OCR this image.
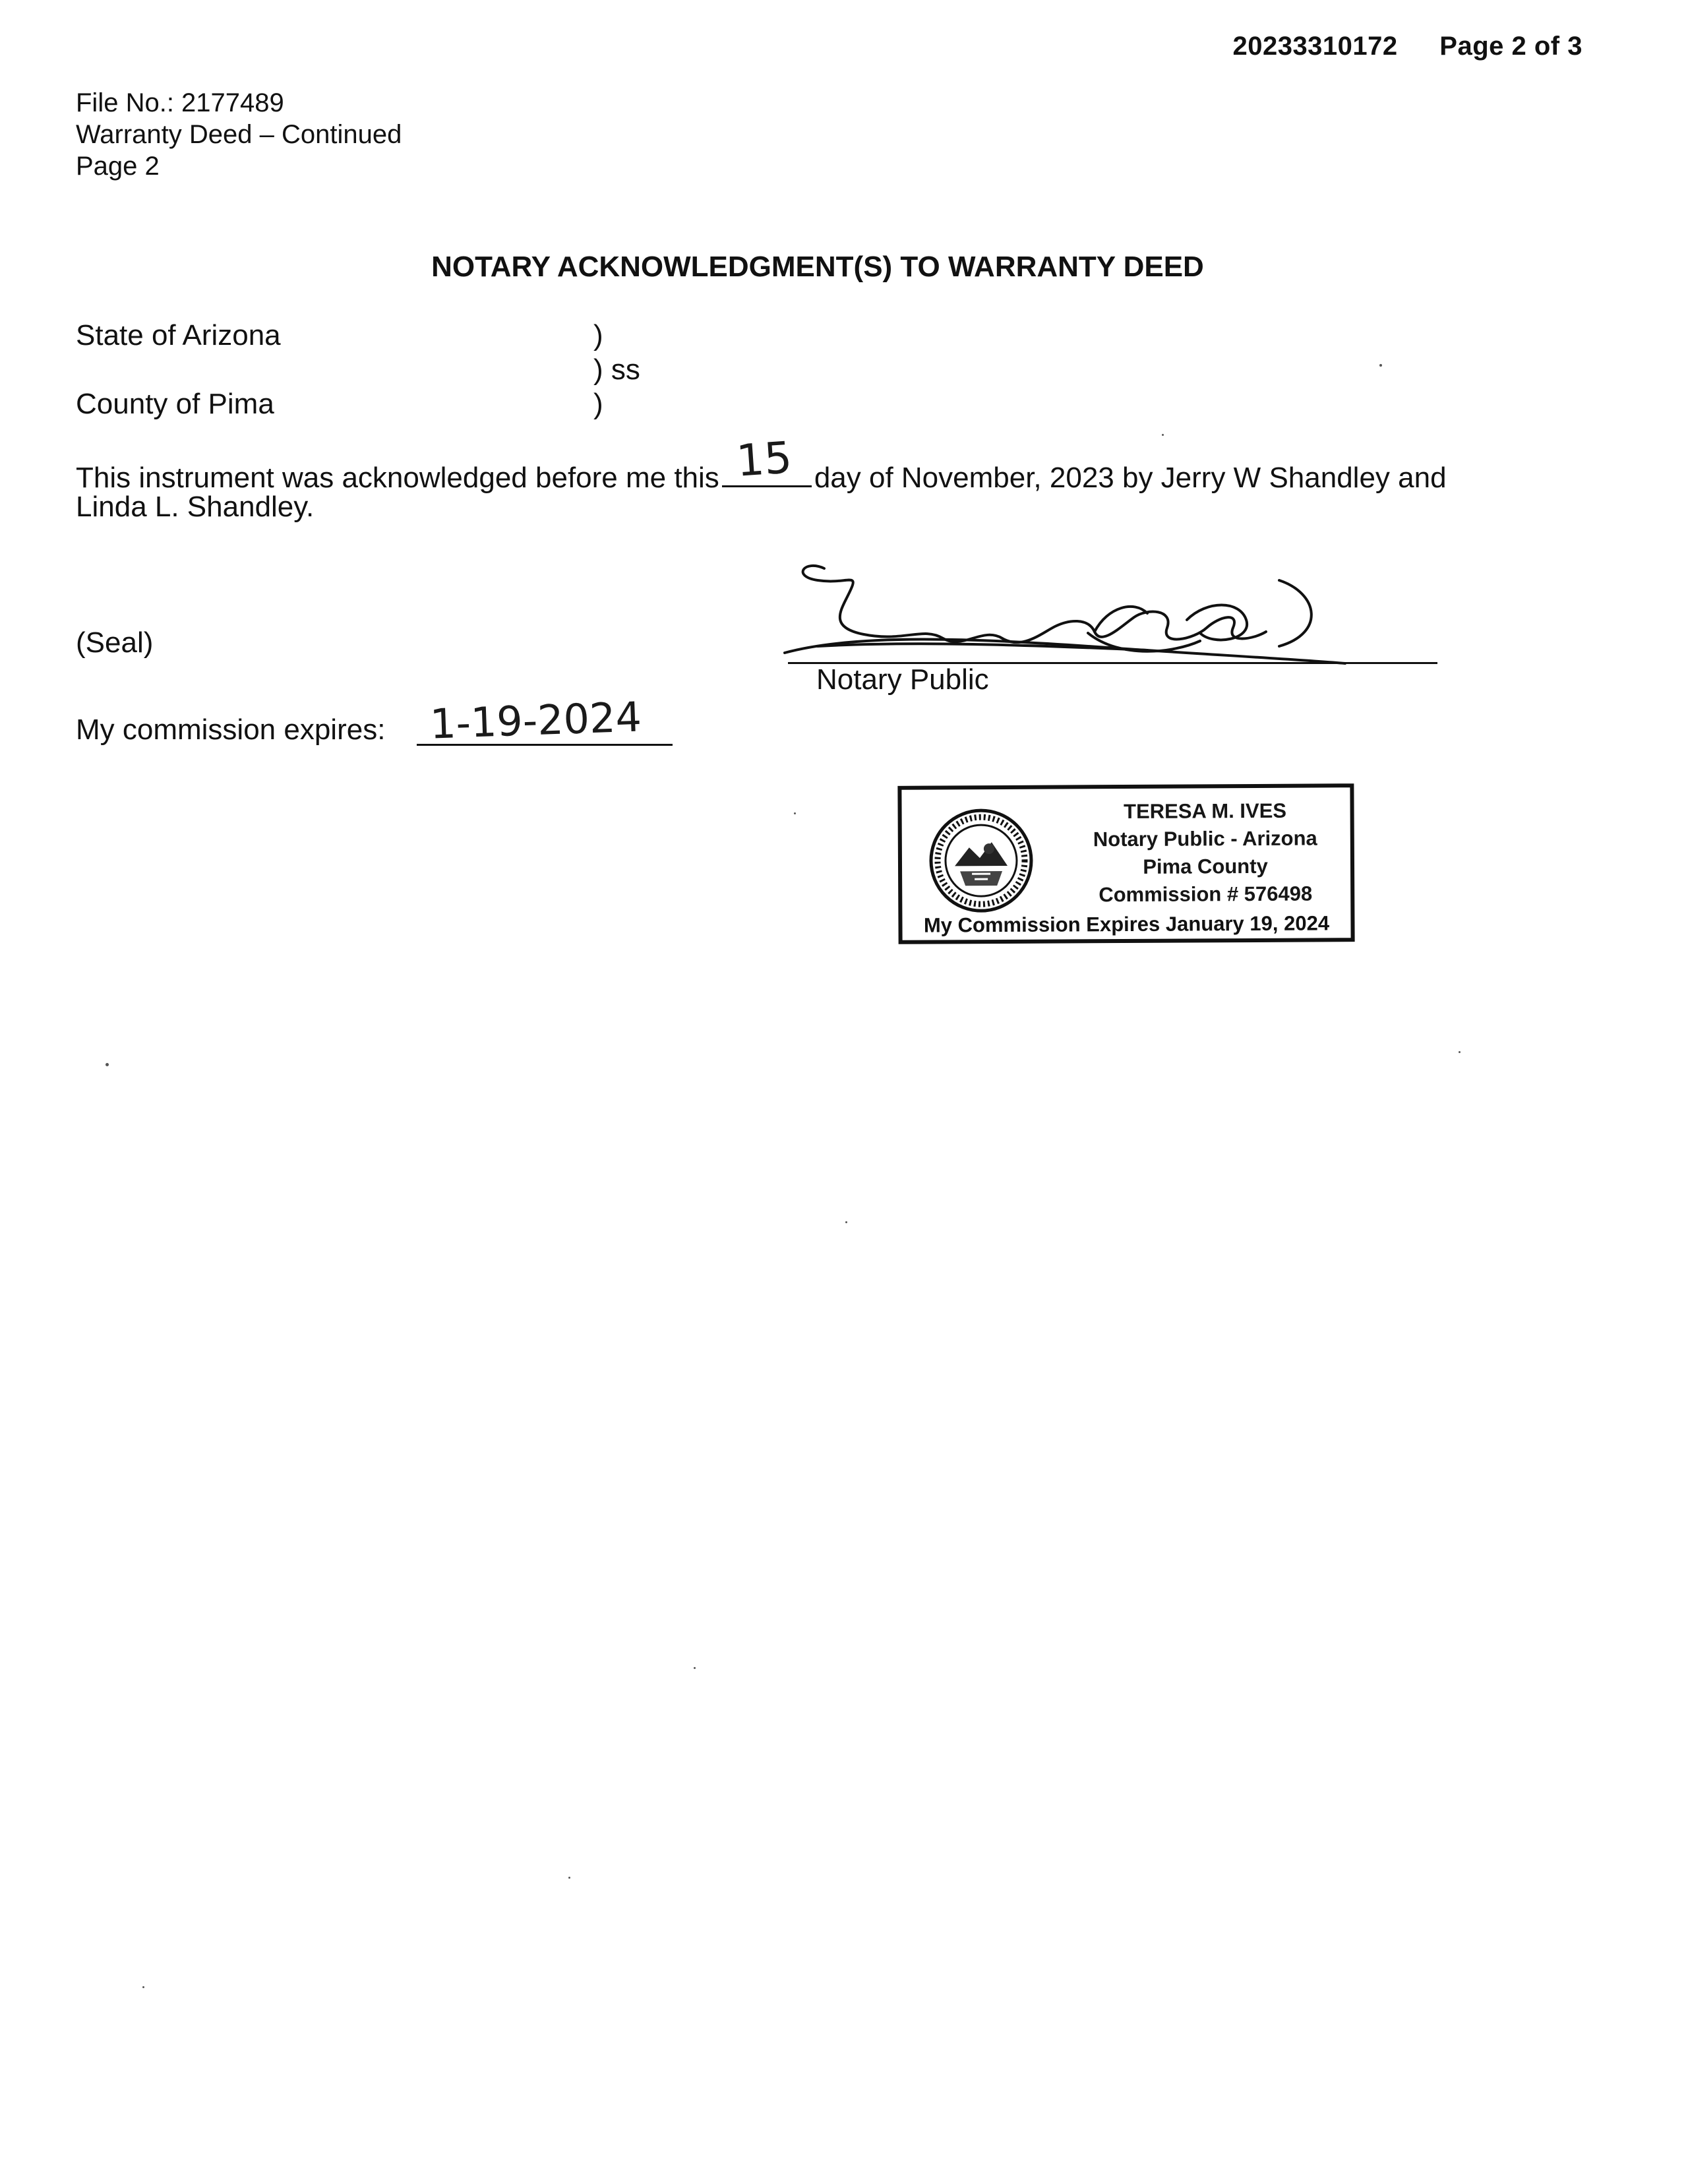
20233310172 Page 2 of 3
File No.: 2177489
Warranty Deed – Continued
Page 2
NOTARY ACKNOWLEDGMENT(S) TO WARRANTY DEED
State of Arizona
County of Pima
)
) ss
)
This instrument was acknowledged before me this 15 day of November, 2023 by Jerry W Shandley and
Linda L. Shandley.
(Seal)
Notary Public
My commission expires: 1-19-2024
TERESA M. IVES
Notary Public - Arizona
Pima County
Commission # 576498
My Commission Expires January 19, 2024
